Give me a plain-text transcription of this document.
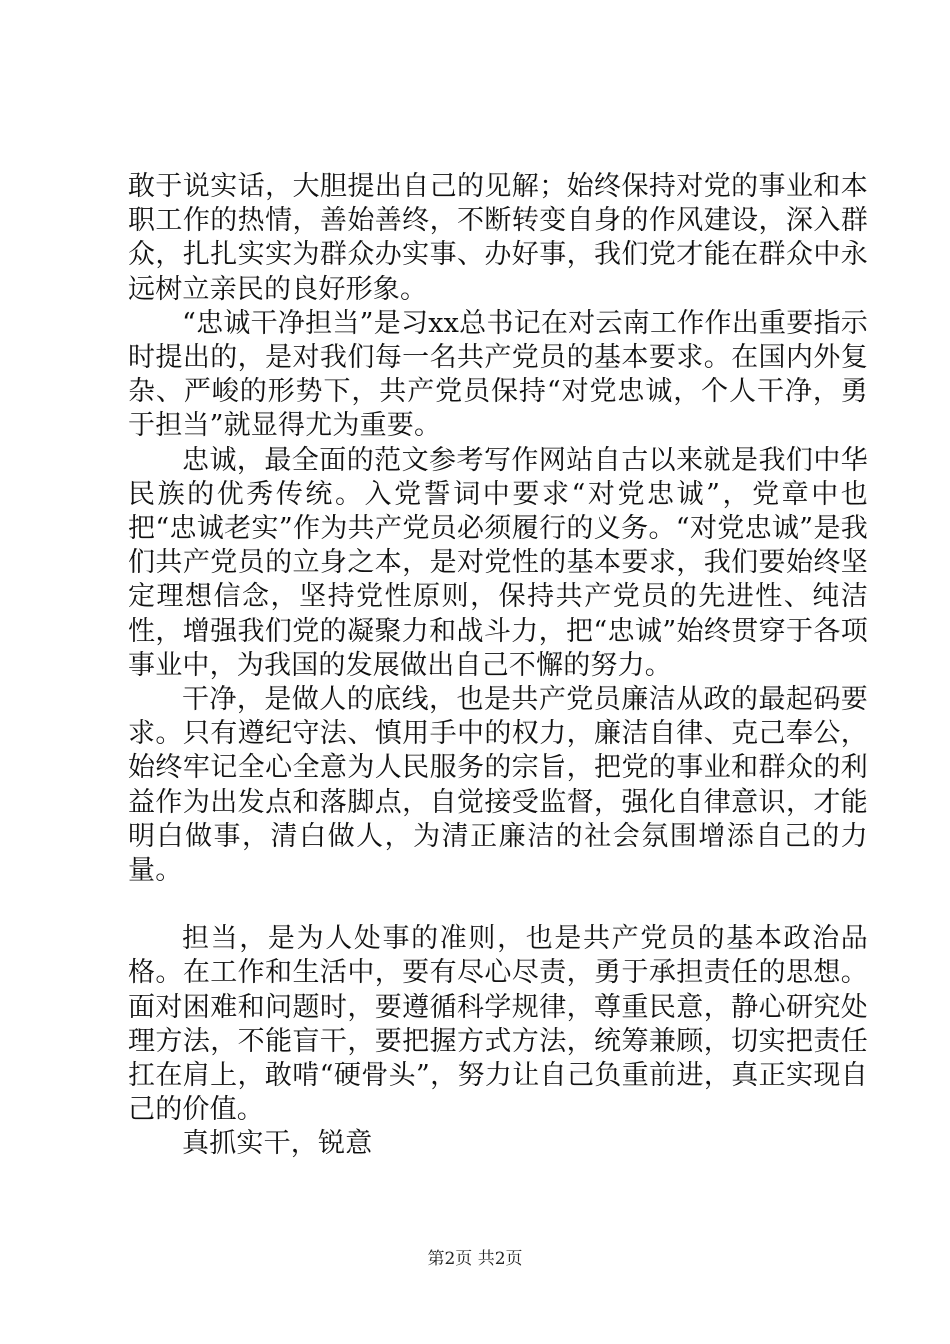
敢于说实话，大胆提出自己的见解；始终保持对党的事业和本职工作的热情，善始善终，不断转变自身的作风建设，深入群众，扎扎实实为群众办实事、办好事，我们党才能在群众中永远树立亲民的良好形象。

“忠诚干净担当”是习xx总书记在对云南工作作出重要指示时提出的，是对我们每一名共产党员的基本要求。在国内外复杂、严峻的形势下，共产党员保持“对党忠诚，个人干净，勇于担当”就显得尤为重要。

忠诚，最全面的范文参考写作网站自古以来就是我们中华民族的优秀传统。入党誓词中要求“对党忠诚”，党章中也把“忠诚老实”作为共产党员必须履行的义务。“对党忠诚”是我们共产党员的立身之本，是对党性的基本要求，我们要始终坚定理想信念，坚持党性原则，保持共产党员的先进性、纯洁性，增强我们党的凝聚力和战斗力，把“忠诚”始终贯穿于各项事业中，为我国的发展做出自己不懈的努力。

干净，是做人的底线，也是共产党员廉洁从政的最起码要求。只有遵纪守法、慎用手中的权力，廉洁自律、克己奉公，始终牢记全心全意为人民服务的宗旨，把党的事业和群众的利益作为出发点和落脚点，自觉接受监督，强化自律意识，才能明白做事，清白做人，为清正廉洁的社会氛围增添自己的力量。

担当，是为人处事的准则，也是共产党员的基本政治品格。在工作和生活中，要有尽心尽责，勇于承担责任的思想。面对困难和问题时，要遵循科学规律，尊重民意，静心研究处理方法，不能盲干，要把握方式方法，统筹兼顾，切实把责任扛在肩上，敢啃“硬骨头”，努力让自己负重前进，真正实现自己的价值。

真抓实干，锐意

第2页 共2页
